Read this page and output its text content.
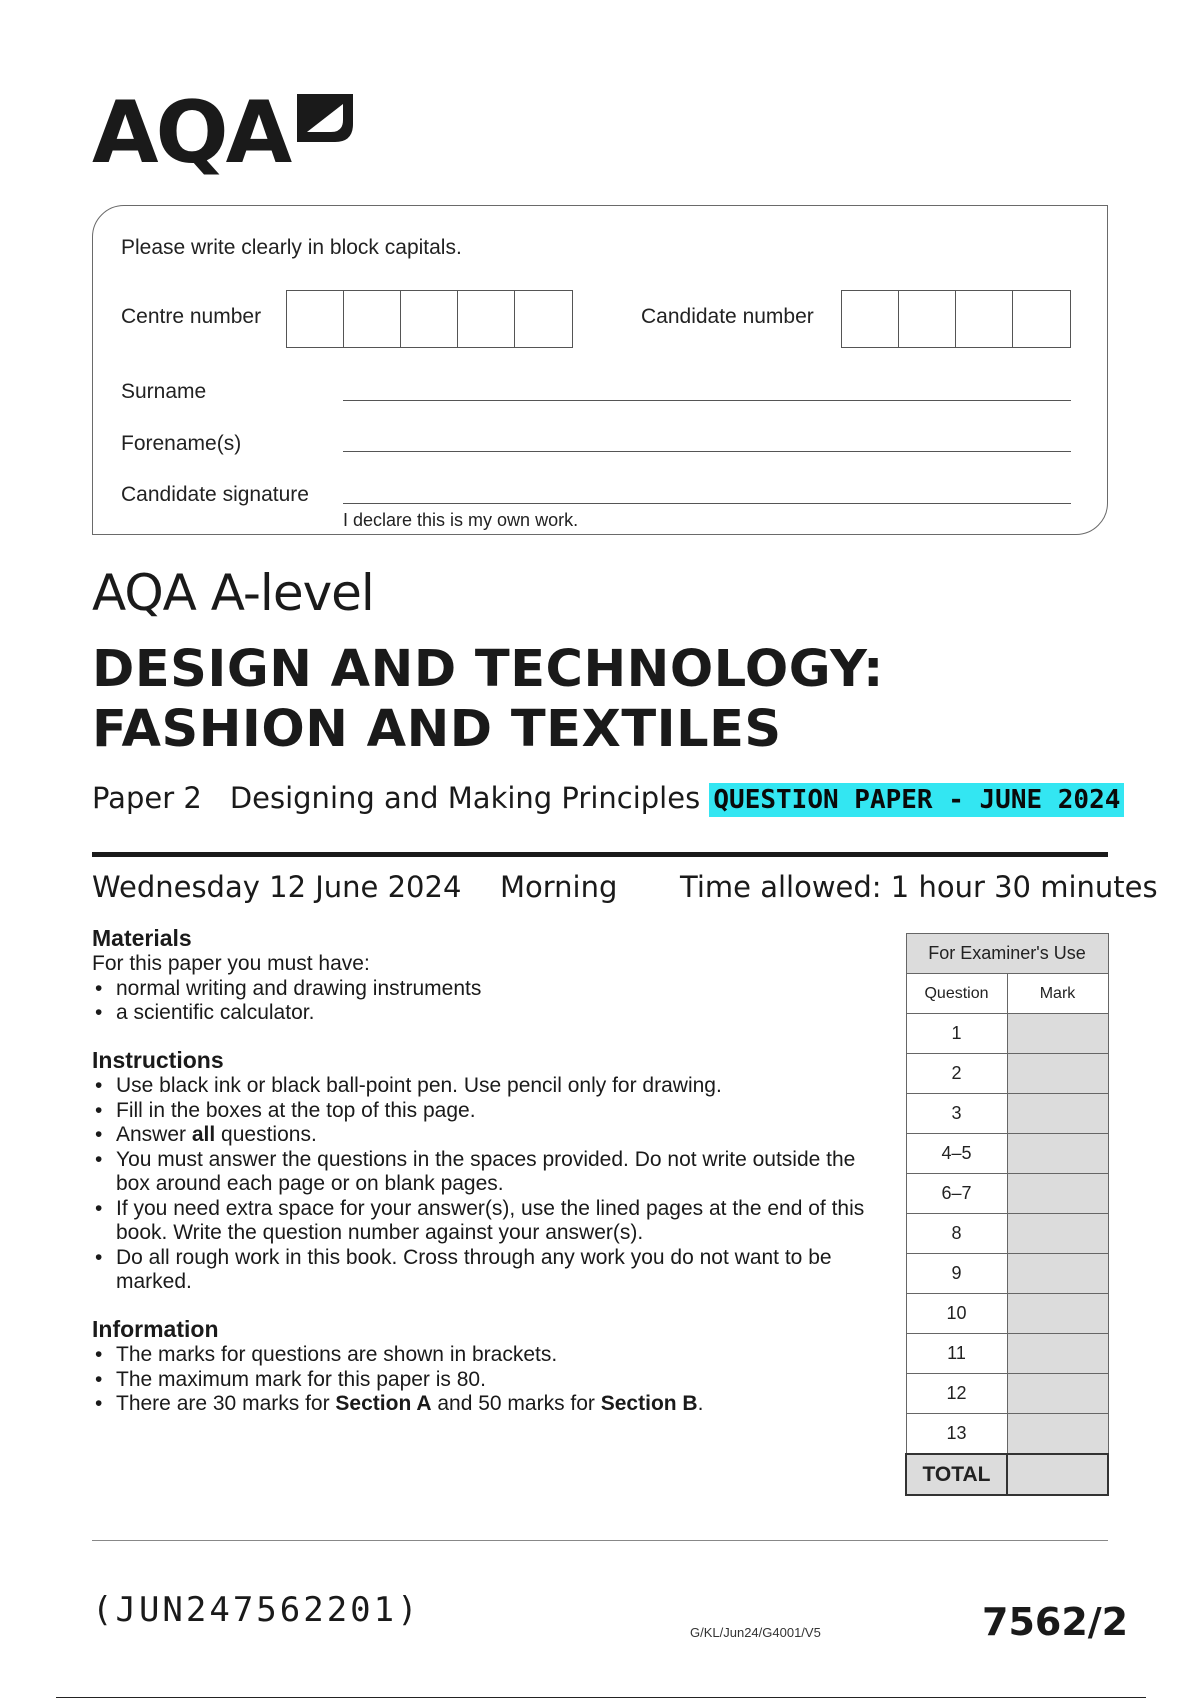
AQA
Please write clearly in block capitals.
Centre number	Candidate number
Surname
Forename(s)
Candidate signature
I declare this is my own work.
AQA A-level
DESIGN AND TECHNOLOGY:
FASHION AND TEXTILES
Paper 2 Designing and Making Principles QUESTION PAPER - JUNE 2024
Wednesday 12 June 2024 Morning Time allowed: 1 hour 30 minutes
Materials
For this paper you must have:
• normal writing and drawing instruments
• a scientific calculator.
Instructions
• Use black ink or black ball-point pen. Use pencil only for drawing.
• Fill in the boxes at the top of this page.
• Answer all questions.
• You must answer the questions in the spaces provided. Do not write outside the box around each page or on blank pages.
• If you need extra space for your answer(s), use the lined pages at the end of this book. Write the question number against your answer(s).
• Do all rough work in this book. Cross through any work you do not want to be marked.
Information
• The marks for questions are shown in brackets.
• The maximum mark for this paper is 80.
• There are 30 marks for Section A and 50 marks for Section B.
For Examiner's Use	
Question	Mark
1	
2	
3	
4–5	
6–7	
8	
9	
10	
11	
12	
13	
TOTAL	
(JUN247562201)
G/KL/Jun24/G4001/V5	7562/2
